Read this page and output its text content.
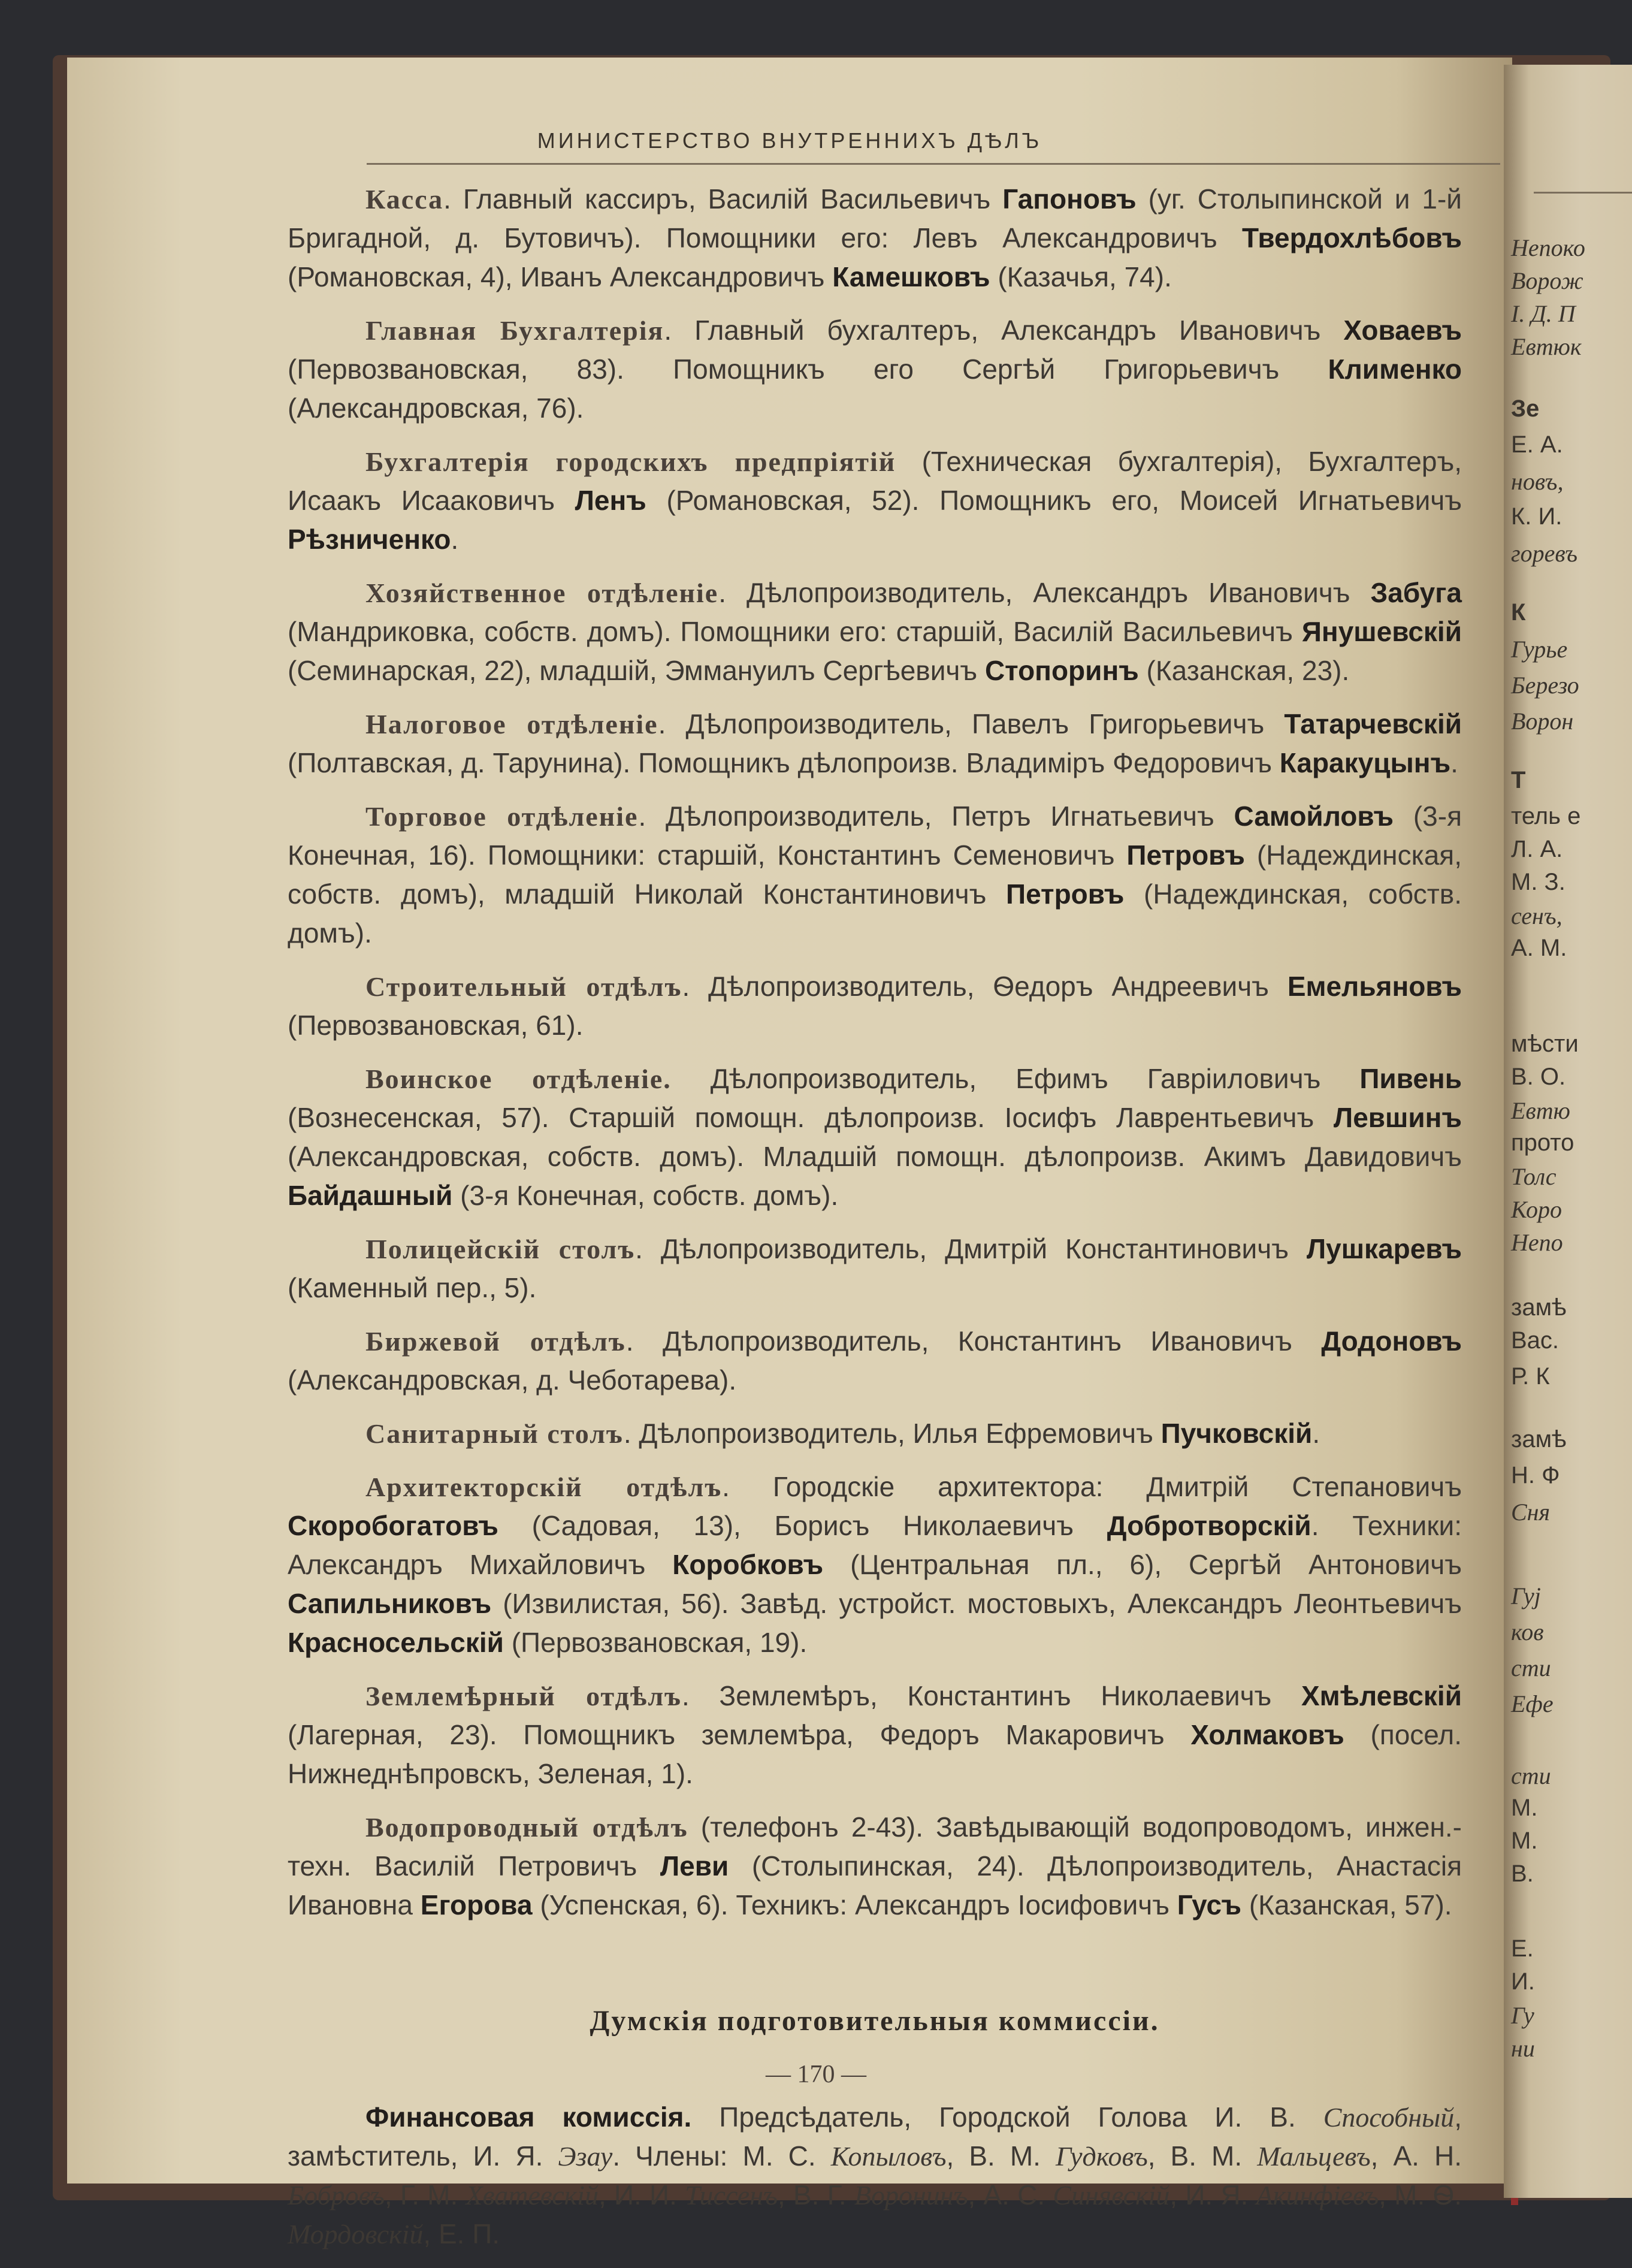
МИНИСТЕРСТВО ВНУТРЕННИХЪ ДѢЛЪ

Касса. Главный кассиръ, Василій Васильевичъ Гапоновъ (уг. Столыпинской и 1-й Бригадной, д. Бутовичъ). Помощники его: Левъ Александровичъ Твердохлѣбовъ (Романовская, 4), Иванъ Александровичъ Камешковъ (Казачья, 74).

Главная Бухгалтерія. Главный бухгалтеръ, Александръ Ивановичъ Ховаевъ (Первозвановская, 83). Помощникъ его Сергѣй Григорьевичъ Клименко (Александровская, 76).

Бухгалтерія городскихъ предпріятій (Техническая бухгалтерія), Бухгалтеръ, Исаакъ Исааковичъ Ленъ (Романовская, 52). Помощникъ его, Моисей Игнатьевичъ Рѣзниченко.

Хозяйственное отдѣленіе. Дѣлопроизводитель, Александръ Ивановичъ Забуга (Мандриковка, собств. домъ). Помощники его: старшій, Василій Васильевичъ Янушевскій (Семинарская, 22), младшій, Эммануилъ Сергѣевичъ Стопоринъ (Казанская, 23).

Налоговое отдѣленіе. Дѣлопроизводитель, Павелъ Григорьевичъ Татарчевскій (Полтавская, д. Тарунина). Помощникъ дѣлопроизв. Владиміръ Федоровичъ Каракуцынъ.

Торговое отдѣленіе. Дѣлопроизводитель, Петръ Игнатьевичъ Самойловъ (3-я Конечная, 16). Помощники: старшій, Константинъ Семеновичъ Петровъ (Надеждинская, собств. домъ), младшій Николай Константиновичъ Петровъ (Надеждинская, собств. домъ).

Строительный отдѣлъ. Дѣлопроизводитель, Ѳедоръ Андреевичъ Емельяновъ (Первозвановская, 61).

Воинское отдѣленіе. Дѣлопроизводитель, Ефимъ Гавріиловичъ Пивень (Вознесенская, 57). Старшій помощн. дѣлопроизв. Іосифъ Лаврентьевичъ Левшинъ (Александровская, собств. домъ). Младшій помощн. дѣлопроизв. Акимъ Давидовичъ Байдашный (3-я Конечная, собств. домъ).

Полицейскій столъ. Дѣлопроизводитель, Дмитрій Константиновичъ Лушкаревъ (Каменный пер., 5).

Биржевой отдѣлъ. Дѣлопроизводитель, Константинъ Ивановичъ Додоновъ (Александровская, д. Чеботарева).

Санитарный столъ. Дѣлопроизводитель, Илья Ефремовичъ Пучковскій.

Архитекторскій отдѣлъ. Городскіе архитектора: Дмитрій Степановичъ Скоробогатовъ (Садовая, 13), Борисъ Николаевичъ Добротворскій. Техники: Александръ Михайловичъ Коробковъ (Центральная пл., 6), Сергѣй Антоновичъ Сапильниковъ (Извилистая, 56). Завѣд. устройст. мостовыхъ, Александръ Леонтьевичъ Красносельскій (Первозвановская, 19).

Землемѣрный отдѣлъ. Землемѣръ, Константинъ Николаевичъ Хмѣлевскій (Лагерная, 23). Помощникъ землемѣра, Федоръ Макаровичъ Холмаковъ (посел. Нижнеднѣпровскъ, Зеленая, 1).

Водопроводный отдѣлъ (телефонъ 2-43). Завѣдывающій водопроводомъ, инжен.-техн. Василій Петровичъ Леви (Столыпинская, 24). Дѣлопроизводитель, Анастасія Ивановна Егорова (Успенская, 6). Техникъ: Александръ Іосифовичъ Гусъ (Казанская, 57).

Думскія подготовительныя коммиссіи.

Финансовая комиссія. Предсѣдатель, Городской Голова И. В. Способный, замѣститель, И. Я. Эзау. Члены: М. С. Копыловъ, В. М. Гудковъ, В. М. Мальцевъ, А. Н. Бобровъ, Г. М. Хватевскій, И. И. Тиссенъ, В. Г. Воронинъ, А. С. Синявскій, И. Я. Акинфіевъ, М. Ѳ. Мордовскій, Е. П.

— 170 —
Непоко
Ворож
І. Д. П
Евтюк
Зе
Е. А.
новъ,
К. И.
горевъ
К
Гурье
Березо
Ворон
Т
тель е
Л. А.
М. З.
сенъ,
А. М.
мѣсти
В. О.
Евтю
прото
Толс
Коро
Непо
замѣ
Вас.
Р. К
замѣ
Н. Ф
Сня
Гуј
ков
сти
Ефе
сти
М.
М.
В.
Е.
И.
Гу
ни
